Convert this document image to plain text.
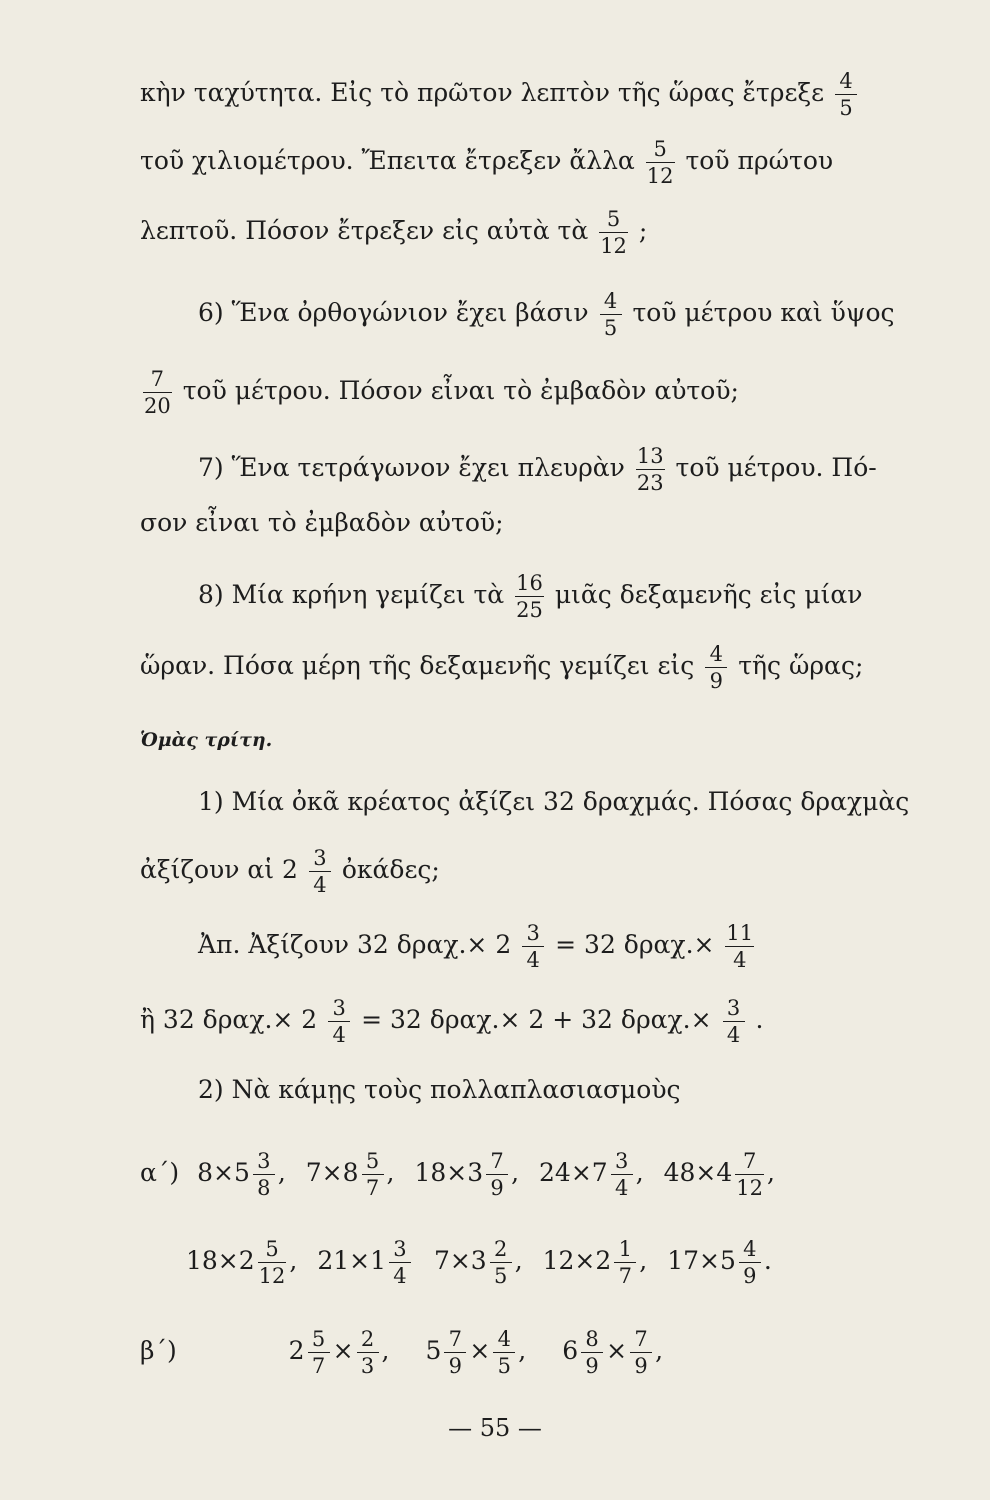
κὴν ταχύτητα. Εἰς τὸ πρῶτον λεπτὸν τῆς ὥρας ἔτρεξε $\frac{4}{5}$
τοῦ χιλιομέτρου. Ἔπειτα ἔτρεξεν ἄλλα $\frac{5}{12}$ τοῦ πρώτου
λεπτοῦ. Πόσον ἔτρεξεν εἰς αὐτὰ τὰ $\frac{5}{12}$ ;
6) Ἕνα ὀρθογώνιον ἔχει βάσιν $\frac{4}{5}$ τοῦ μέτρου καὶ ὕψος
$\frac{7}{20}$ τοῦ μέτρου. Πόσον εἶναι τὸ ἐμβαδὸν αὐτοῦ;
7) Ἕνα τετράγωνον ἔχει πλευρὰν $\frac{13}{23}$ τοῦ μέτρου. Πό-
σον εἶναι τὸ ἐμβαδὸν αὐτοῦ;
8) Μία κρήνη γεμίζει τὰ $\frac{16}{25}$ μιᾶς δεξαμενῆς εἰς μίαν
ὥραν. Πόσα μέρη τῆς δεξαμενῆς γεμίζει εἰς $\frac{4}{9}$ τῆς ὥρας;
Ὁμὰς τρίτη.
1) Μία ὀκᾶ κρέατος ἀξίζει 32 δραχμάς. Πόσας δραχμὰς
ἀξίζουν αἱ $2 \frac{3}{4}$ ὀκάδες;
Ἀπ. Ἀξίζουν 32 $\delta\rho\alpha\chi.\times 2 \frac{3}{4} = 32$ $\delta\rho\alpha\chi.\times \frac{11}{4}$
ἢ 32 $\delta\rho\alpha\chi.\times 2 \frac{3}{4} = 32$ δραχ.× 2 + 32 $\delta\rho\alpha\chi.\times \frac{3}{4}$ .
2) Νὰ κάμῃς τοὺς πολλαπλασιασμοὺς
α΄) $8\times 5 \frac{3}{8}$ , $7\times 8 \frac{5}{7}$ , $18\times 3 \frac{7}{9}$ , $24\times 7 \frac{3}{4}$ , $48\times 4 \frac{7}{12}$ ,
$18\times 2 \frac{5}{12}$ , $21\times 1 \frac{3}{4} 7\times 3 \frac{2}{5}$ , $12\times 2 \frac{1}{7}$ , $17\times 5 \frac{4}{9}$ .
β΄)	$2 \frac{5}{7} \times \frac{2}{3}$ , $5 \frac{7}{9} \times \frac{4}{5}$ , $6 \frac{8}{9} \times \frac{7}{9}$ ,
— 55 —
